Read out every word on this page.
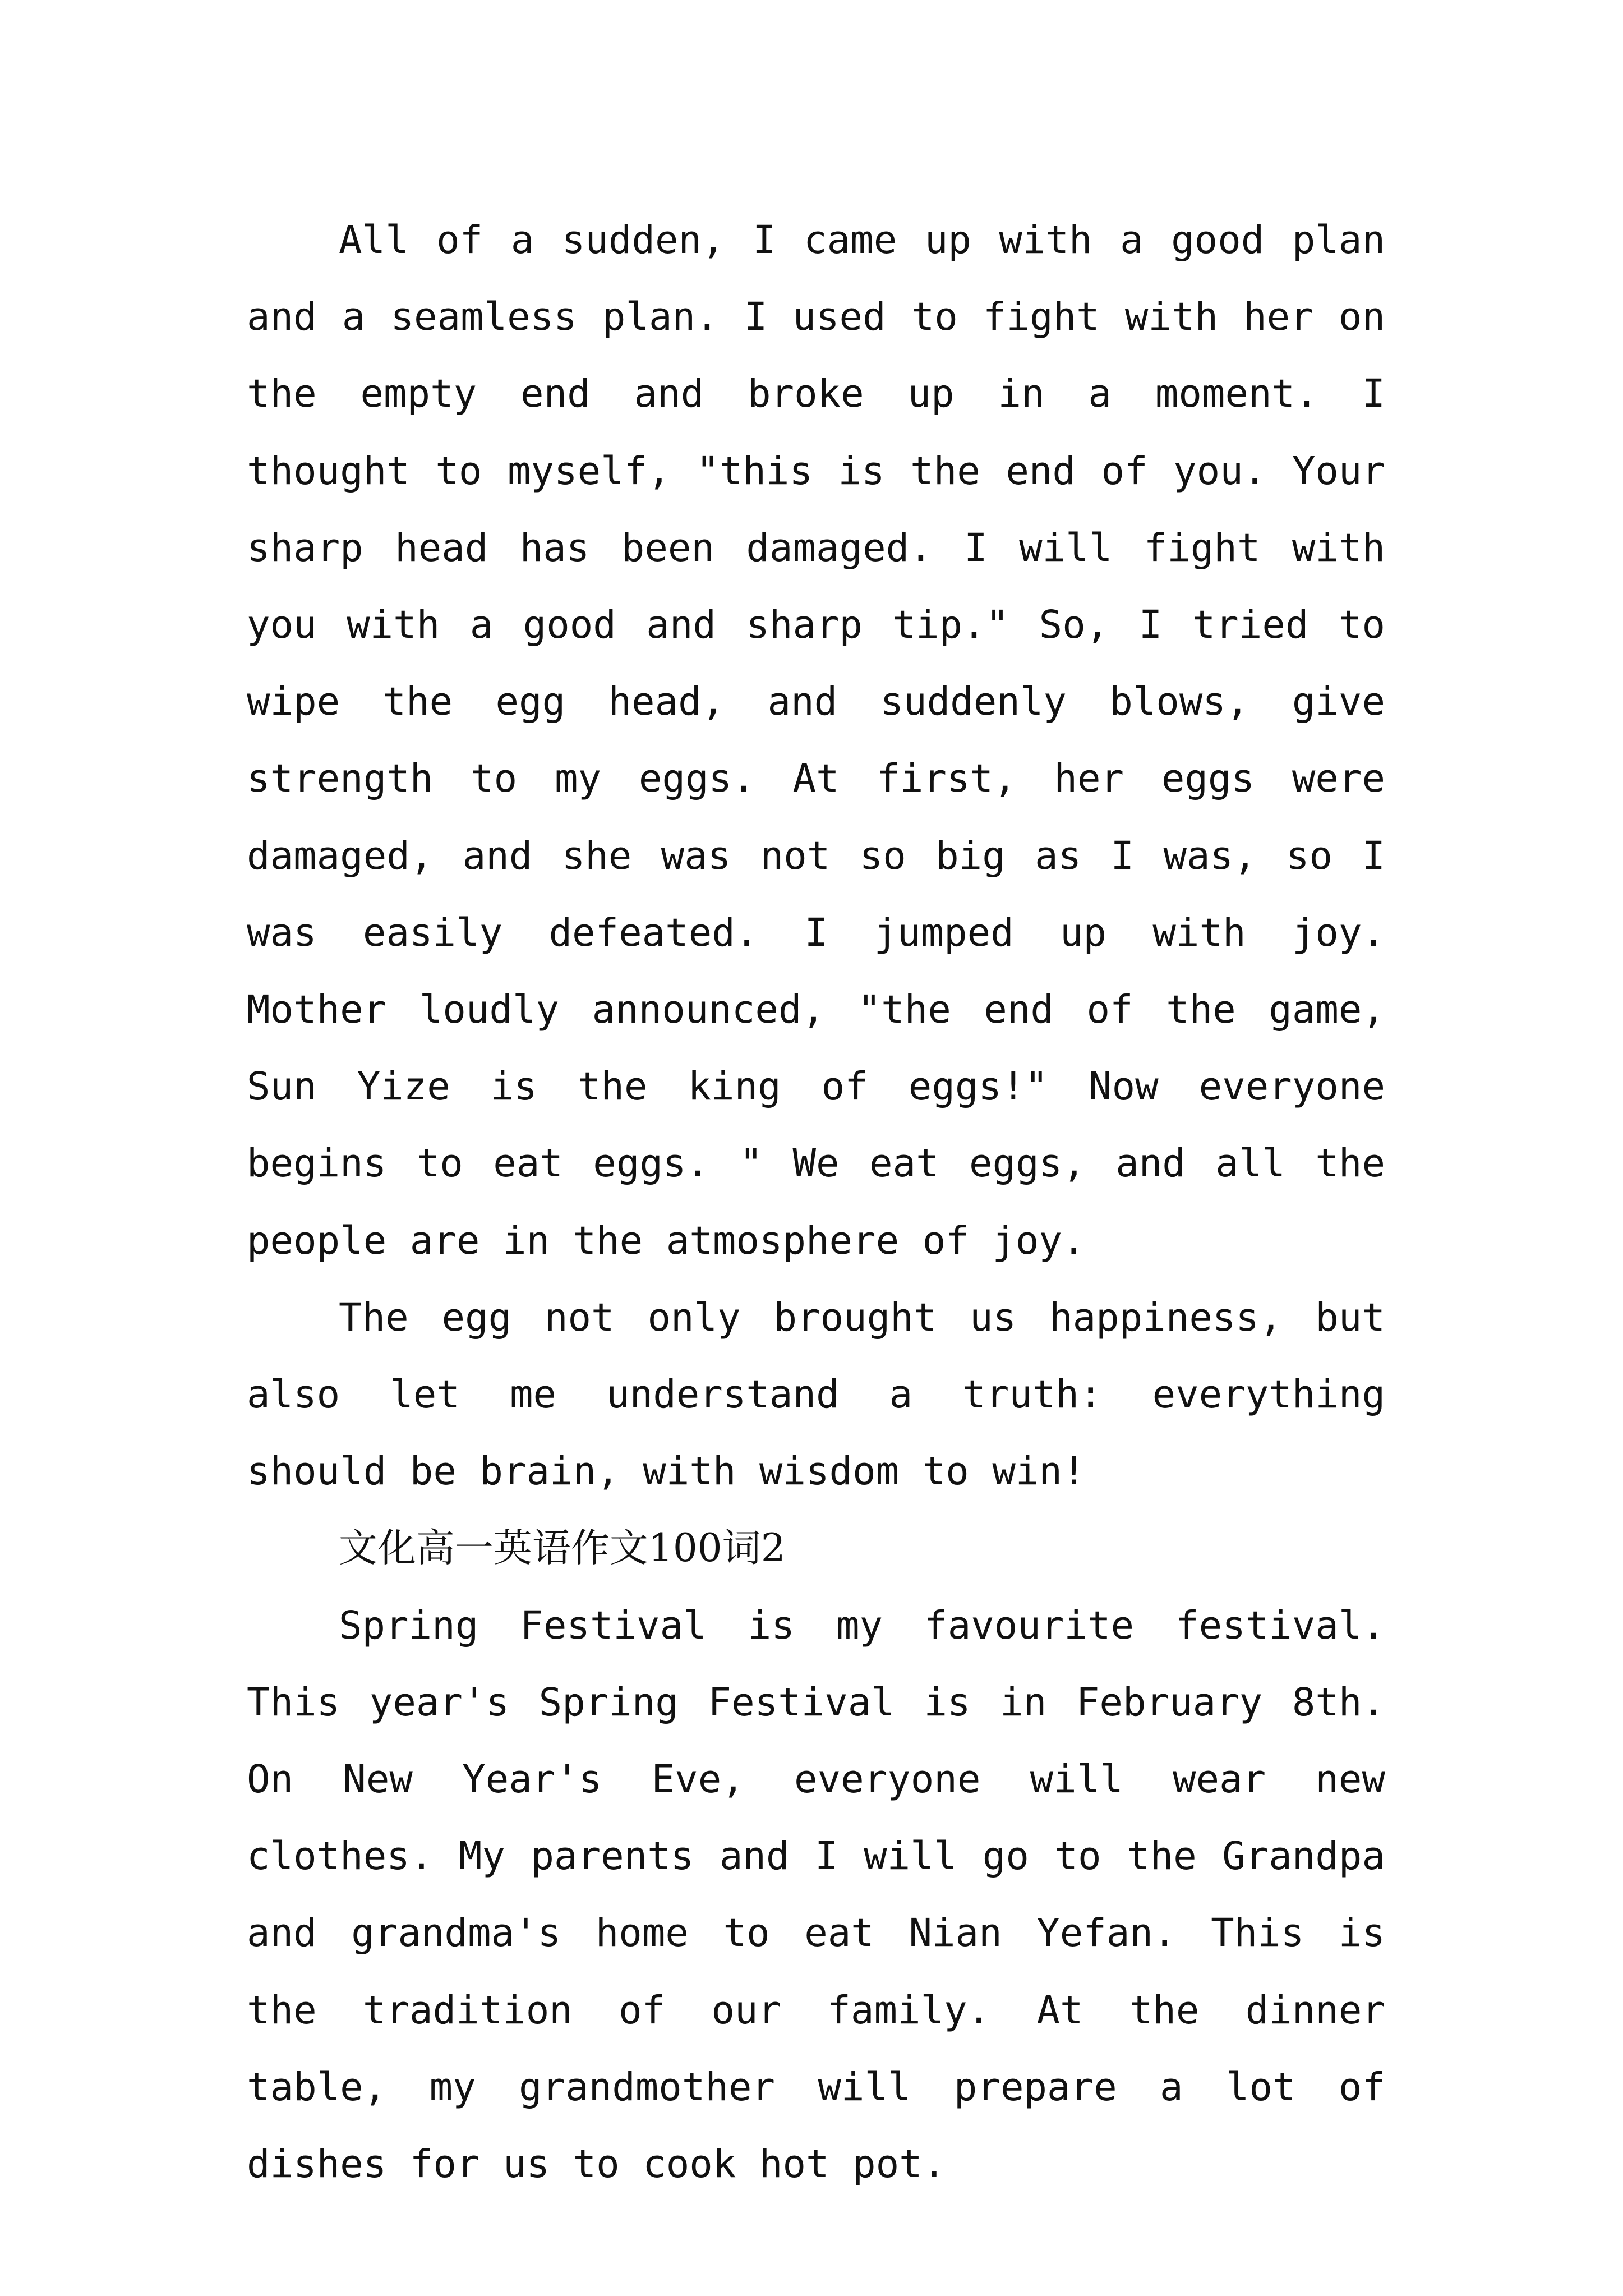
All of a sudden, I came up with a good plan and a seamless plan. I used to fight with her on the empty end and broke up in a moment. I thought to myself, "this is the end of you. Your sharp head has been damaged. I will fight with you with a good and sharp tip." So, I tried to wipe the egg head, and suddenly blows, give strength to my eggs. At first, her eggs were damaged, and she was not so big as I was, so I was easily defeated. I jumped up with joy. Mother loudly announced, "the end of the game, Sun Yize is the king of eggs!" Now everyone begins to eat eggs. " We eat eggs, and all the people are in the atmosphere of joy.

The egg not only brought us happiness, but also let me understand a truth: everything should be brain, with wisdom to win!

文化高一英语作文100词2

Spring Festival is my favourite festival. This year's Spring Festival is in February 8th. On New Year's Eve, everyone will wear new clothes. My parents and I will go to the Grandpa and grandma's home to eat Nian Yefan. This is the tradition of our family. At the dinner table, my grandmother will prepare a lot of dishes for us to cook hot pot.
